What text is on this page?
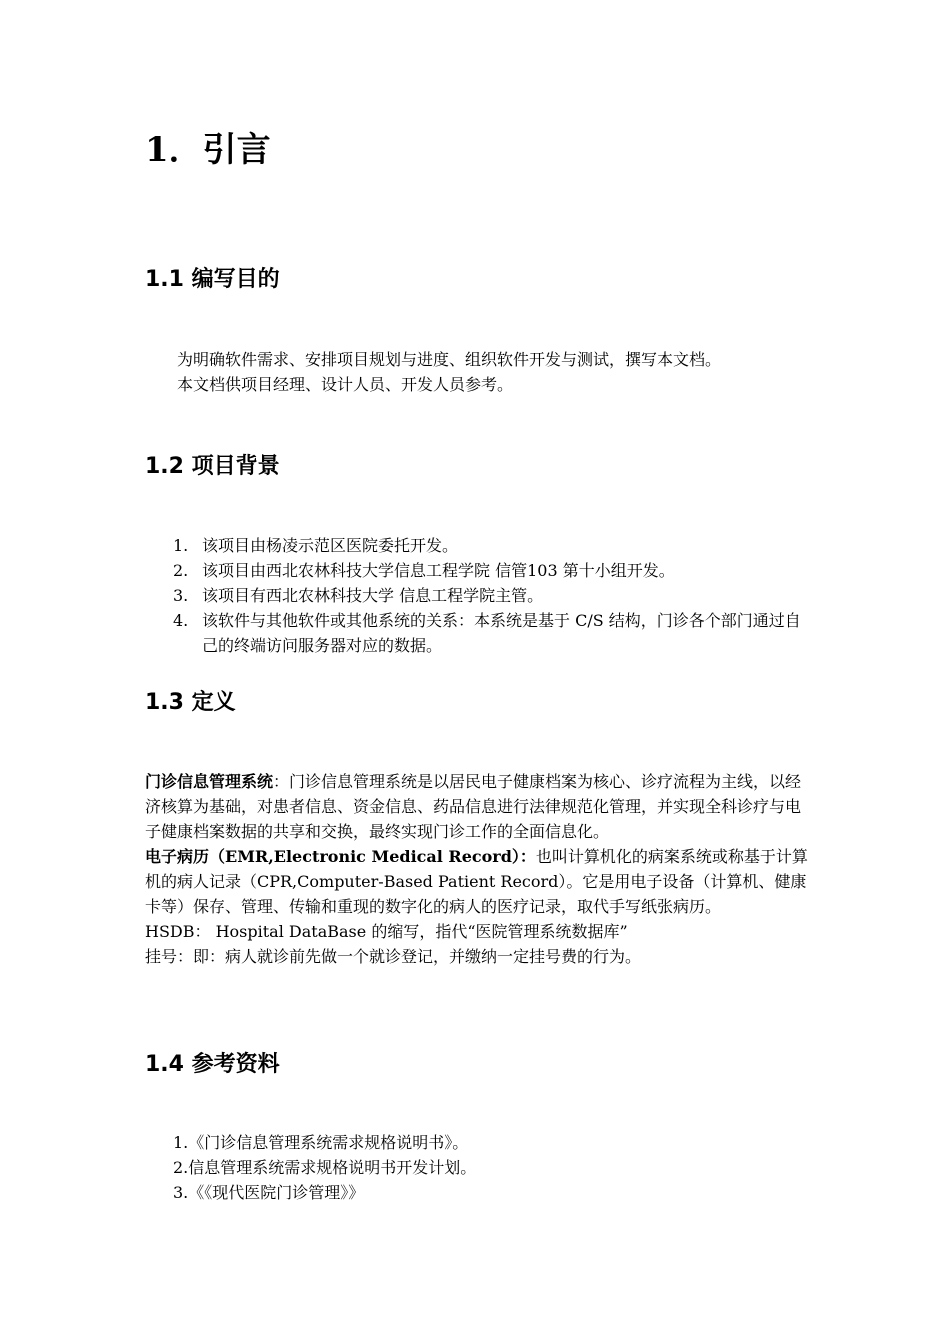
1．引言
1.1 编写目的

为明确软件需求、安排项目规划与进度、组织软件开发与测试，撰写本文档。

本文档供项目经理、设计人员、开发人员参考。

1.2 项目背景
1. 该项目由杨凌示范区医院委托开发。
2. 该项目由西北农林科技大学信息工程学院 信管103 第十小组开发。
3. 该项目有西北农林科技大学 信息工程学院主管。
4. 该软件与其他软件或其他系统的关系：本系统是基于 C/S 结构，门诊各个部门通过自己的终端访问服务器对应的数据。
1.3 定义

门诊信息管理系统：门诊信息管理系统是以居民电子健康档案为核心、诊疗流程为主线，以经济核算为基础，对患者信息、资金信息、药品信息进行法律规范化管理，并实现全科诊疗与电子健康档案数据的共享和交换，最终实现门诊工作的全面信息化。

电子病历（EMR,Electronic Medical Record）：也叫计算机化的病案系统或称基于计算机的病人记录（CPR,Computer-Based Patient Record）。它是用电子设备（计算机、健康卡等）保存、管理、传输和重现的数字化的病人的医疗记录，取代手写纸张病历。

HSDB： Hospital DataBase 的缩写，指代“医院管理系统数据库”

挂号：即：病人就诊前先做一个就诊登记，并缴纳一定挂号费的行为。

1.4 参考资料
1.《门诊信息管理系统需求规格说明书》。
2.信息管理系统需求规格说明书开发计划。
3.《《现代医院门诊管理》》
